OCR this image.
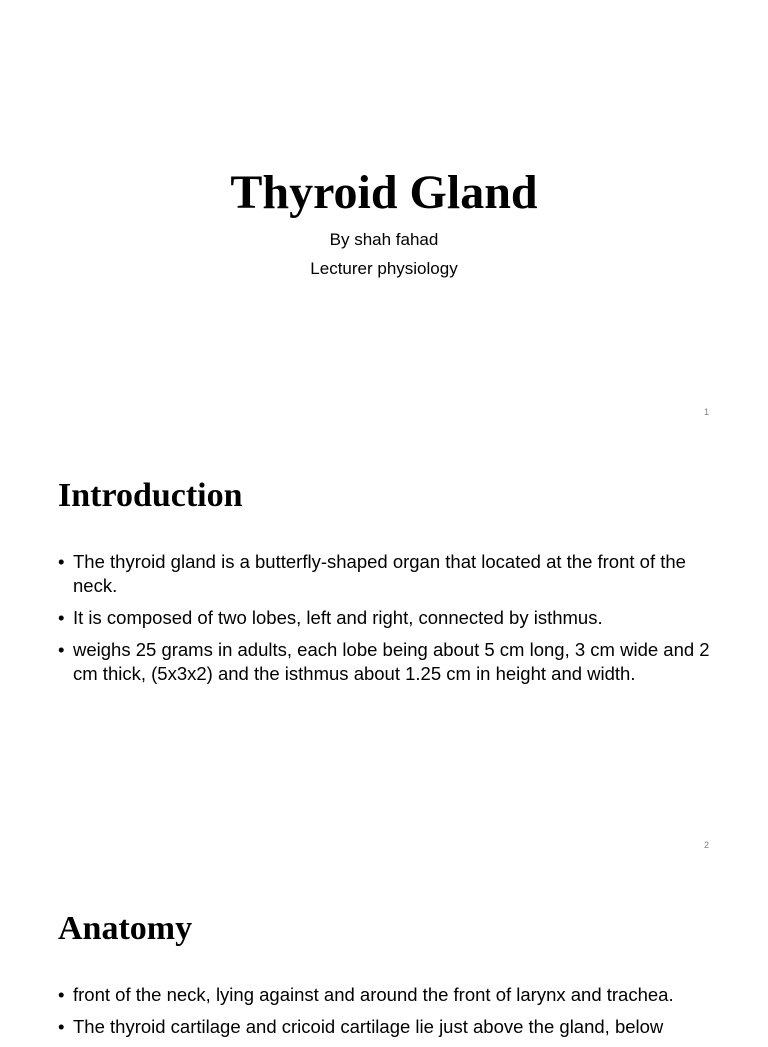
Thyroid Gland

By shah fahad

Lecturer physiology

1
Introduction
• The thyroid gland is a butterfly-shaped organ that located at the front of the neck.
• It is composed of two lobes, left and right, connected by isthmus.
• weighs 25 grams in adults, each lobe being about 5 cm long, 3 cm wide and 2 cm thick, (5x3x2) and the isthmus about 1.25 cm in height and width.
2
Anatomy
• front of the neck, lying against and around the front of larynx and trachea.
• The thyroid cartilage and cricoid cartilage lie just above the gland, below
